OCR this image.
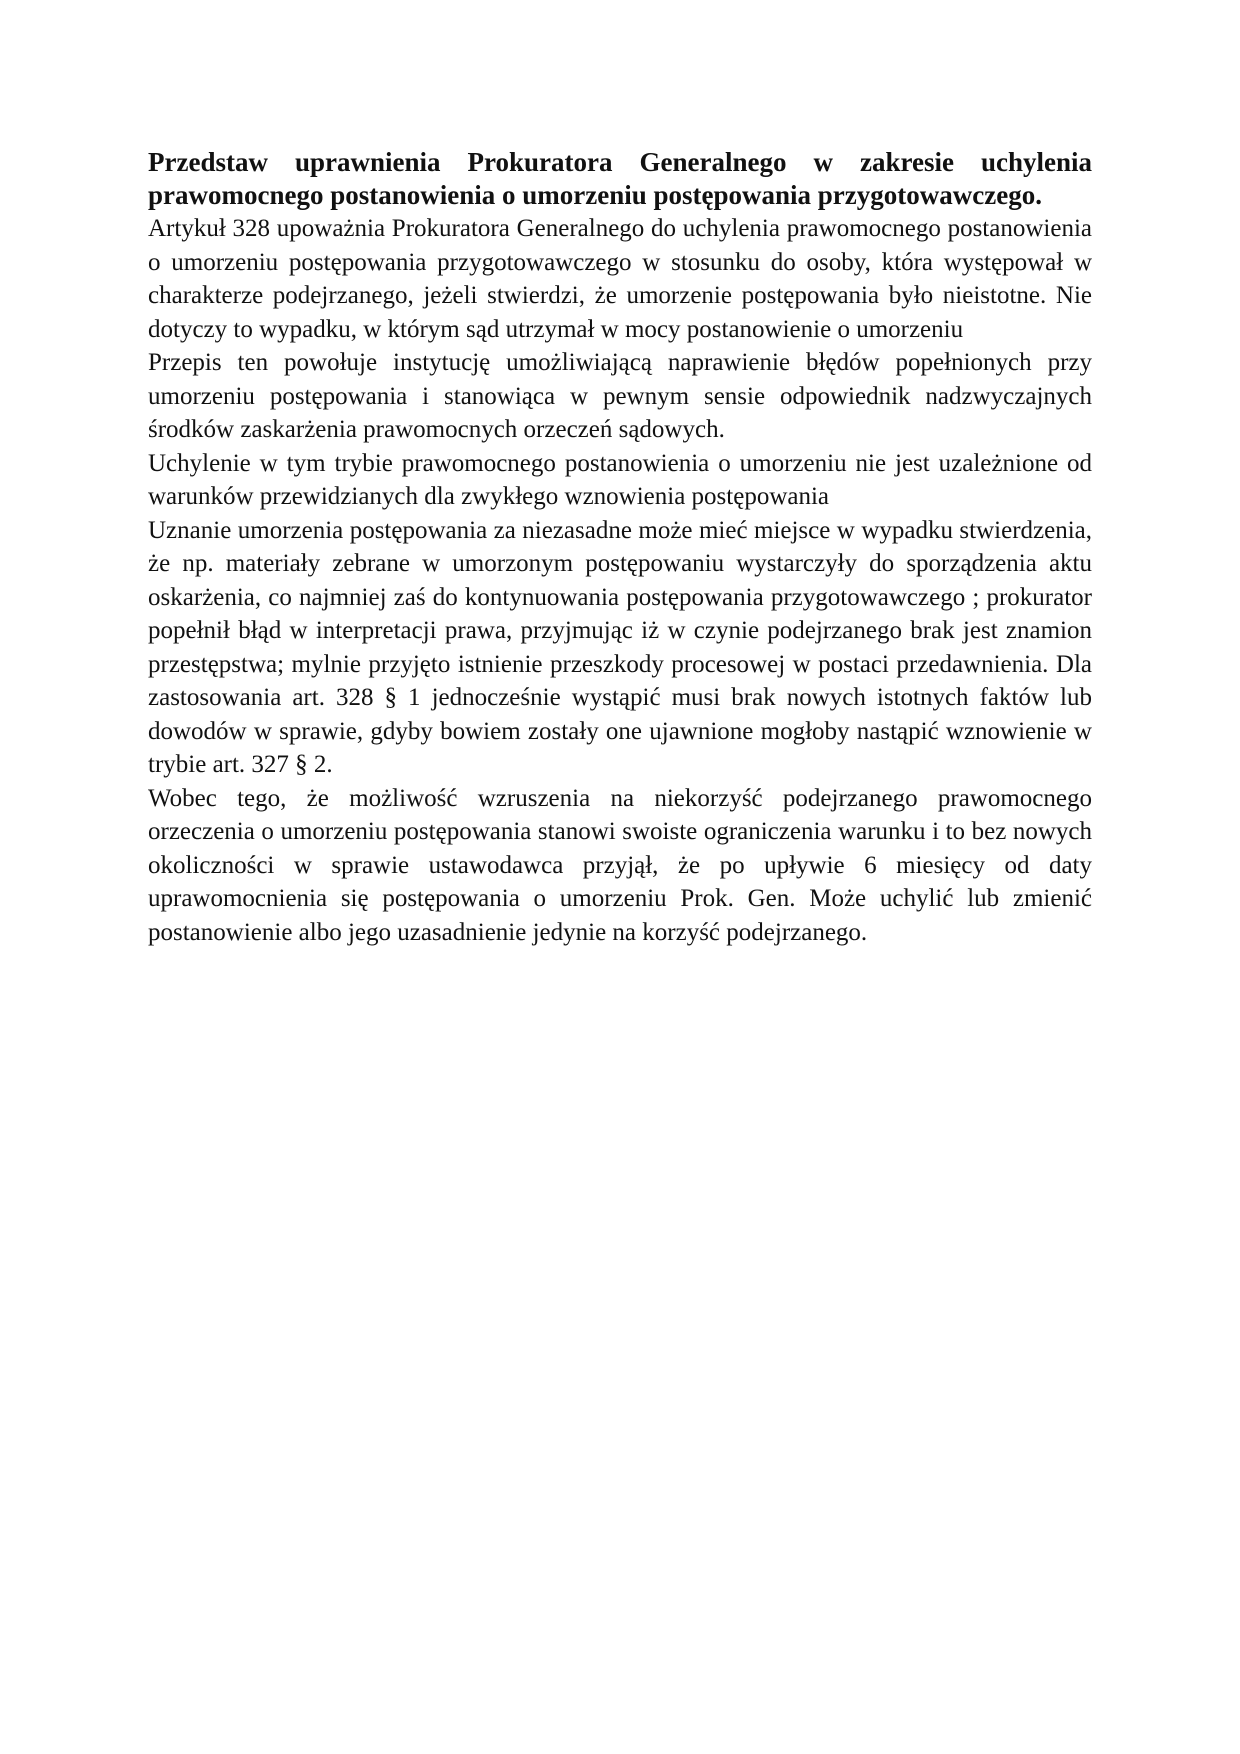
Przedstaw uprawnienia Prokuratora Generalnego w zakresie uchylenia prawomocnego postanowienia o umorzeniu postępowania przygotowawczego.

Artykuł 328 upoważnia Prokuratora Generalnego do uchylenia prawomocnego postanowienia o umorzeniu postępowania przygotowawczego w stosunku do osoby, która występował w charakterze podejrzanego, jeżeli stwierdzi, że umorzenie postępowania było nieistotne. Nie dotyczy to wypadku, w którym sąd utrzymał w mocy postanowienie o umorzeniu

Przepis ten powołuje instytucję umożliwiającą naprawienie błędów popełnionych przy umorzeniu postępowania i stanowiąca w pewnym sensie odpowiednik nadzwyczajnych środków zaskarżenia prawomocnych orzeczeń sądowych.

Uchylenie w tym trybie prawomocnego postanowienia o umorzeniu nie jest uzależnione od warunków przewidzianych dla zwykłego wznowienia postępowania

Uznanie umorzenia postępowania za niezasadne może mieć miejsce w wypadku stwierdzenia, że np. materiały zebrane w umorzonym postępowaniu wystarczyły do sporządzenia aktu oskarżenia, co najmniej zaś do kontynuowania postępowania przygotowawczego ; prokurator popełnił błąd w interpretacji prawa, przyjmując iż w czynie podejrzanego brak jest znamion przestępstwa; mylnie przyjęto istnienie przeszkody procesowej w postaci przedawnienia. Dla zastosowania art. 328 § 1 jednocześnie wystąpić musi brak nowych istotnych faktów lub dowodów w sprawie, gdyby bowiem zostały one ujawnione mogłoby nastąpić wznowienie w trybie art. 327 § 2.

Wobec tego, że możliwość wzruszenia na niekorzyść podejrzanego prawomocnego orzeczenia o umorzeniu postępowania stanowi swoiste ograniczenia warunku i to bez nowych okoliczności w sprawie ustawodawca przyjął, że po upływie 6 miesięcy od daty uprawomocnienia się postępowania o umorzeniu Prok. Gen. Może uchylić lub zmienić postanowienie albo jego uzasadnienie jedynie na korzyść podejrzanego.
